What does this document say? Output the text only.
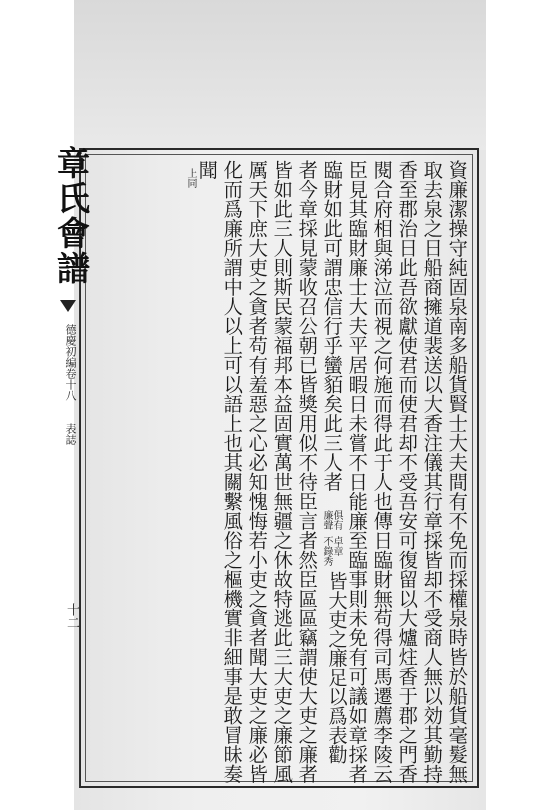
資廉潔操守純固泉南多船貨賢士大夫間有不免而採權泉時皆於船貨毫髮無
取去泉之日船商擁道裴送以大香注儀其行章採皆却不受商人無以効其勤持
香至郡治日此吾欲獻使君而使君却不受吾安可復留以大爐炷香于郡之門香
閱合府相與涕泣而視之何施而得此于人也傳日臨財無苟得司馬遷薦李陵云
臣見其臨財廉士大夫平居暇日未嘗不日能廉至臨事則未免有可議如章採者
臨財如此可謂忠信行乎蠻貊矣此三人者
俱有
廉聲
卓章
不錄秀
皆大吏之廉足以爲表勸
者今章採見蒙收召公朝已皆獎用似不待臣言者然臣區區竊謂使大吏之廉者
皆如此三人則斯民蒙福邦本益固實萬世無疆之休故特逃此三大吏之廉節風
厲天下庶大吏之貪者苟有羞惡之心必知愧悔若小吏之貪者聞大吏之廉必皆
化而爲廉所謂中人以上可以語上也其關繫風俗之樞機實非細事是敢冒昧奏
聞
上同
章氏會譜
德慶初編卷十八
表誌
十二
